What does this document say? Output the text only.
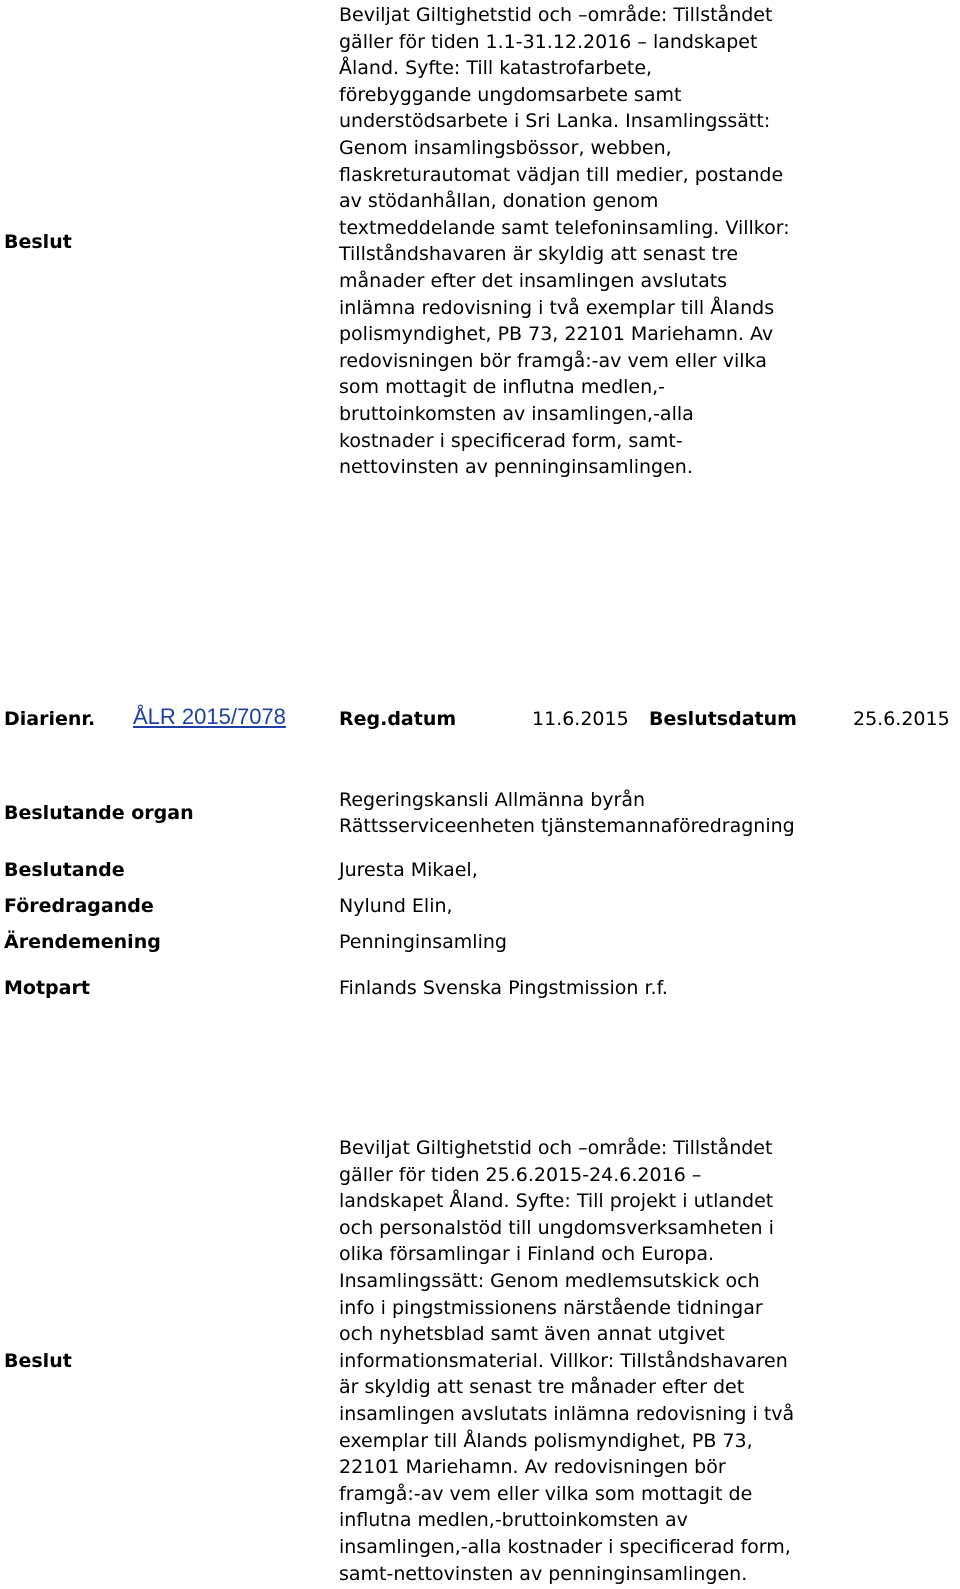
Beslut
Beviljat Giltighetstid och –område: Tillståndet
gäller för tiden 1.1-31.12.2016 – landskapet
Åland. Syfte: Till katastrofarbete,
förebyggande ungdomsarbete samt
understödsarbete i Sri Lanka. Insamlingssätt:
Genom insamlingsbössor, webben,
flaskreturautomat vädjan till medier, postande
av stödanhållan, donation genom
textmeddelande samt telefoninsamling. Villkor:
Tillståndshavaren är skyldig att senast tre
månader efter det insamlingen avslutats
inlämna redovisning i två exemplar till Ålands
polismyndighet, PB 73, 22101 Mariehamn. Av
redovisningen bör framgå:-av vem eller vilka
som mottagit de influtna medlen,-
bruttoinkomsten av insamlingen,-alla
kostnader i specificerad form, samt-
nettovinsten av penninginsamlingen.
Diarienr. ÅLR 2015/7078	Reg.datum	11.6.2015 Beslutsdatum	25.6.2015
Beslutande organ
Regeringskansli Allmänna byrån
Rättsserviceenheten tjänstemannaföredragning
Beslutande	Juresta Mikael,
Föredragande	Nylund Elin,
Ärendemening	Penninginsamling
Motpart	Finlands Svenska Pingstmission r.f.
Beslut
Beviljat Giltighetstid och –område: Tillståndet
gäller för tiden 25.6.2015-24.6.2016 –
landskapet Åland. Syfte: Till projekt i utlandet
och personalstöd till ungdomsverksamheten i
olika församlingar i Finland och Europa.
Insamlingssätt: Genom medlemsutskick och
info i pingstmissionens närstående tidningar
och nyhetsblad samt även annat utgivet
informationsmaterial. Villkor: Tillståndshavaren
är skyldig att senast tre månader efter det
insamlingen avslutats inlämna redovisning i två
exemplar till Ålands polismyndighet, PB 73,
22101 Mariehamn. Av redovisningen bör
framgå:-av vem eller vilka som mottagit de
influtna medlen,-bruttoinkomsten av
insamlingen,-alla kostnader i specificerad form,
samt-nettovinsten av penninginsamlingen.
